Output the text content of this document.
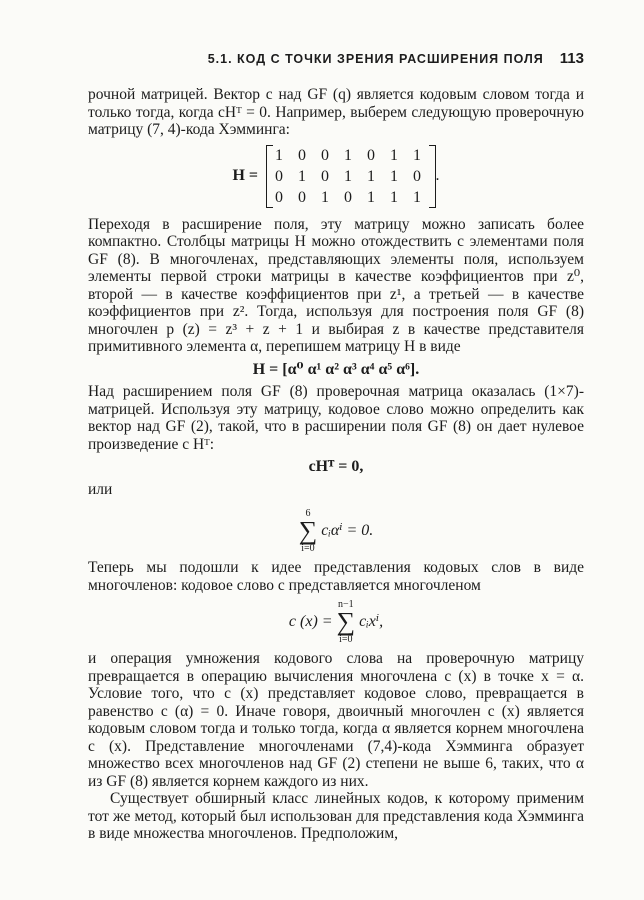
5.1. КОД С ТОЧКИ ЗРЕНИЯ РАСШИРЕНИЯ ПОЛЯ 113

рочной матрицей. Вектор c над GF (q) является кодовым словом тогда и только тогда, когда cHᵀ = 0. Например, выберем следующую проверочную матрицу (7, 4)-кода Хэмминга:

H =
1 0 0 1 0 1 1
0 1 0 1 1 1 0
0 0 1 0 1 1 1
.

Переходя в расширение поля, эту матрицу можно записать более компактно. Столбцы матрицы H можно отождествить с элементами поля GF (8). В многочленах, представляющих элементы поля, используем элементы первой строки матрицы в качестве коэффициентов при z⁰, второй — в качестве коэффициентов при z¹, а третьей — в качестве коэффициентов при z². Тогда, используя для построения поля GF (8) многочлен p (z) = z³ + z + 1 и выбирая z в качестве представителя примитивного элемента α, перепишем матрицу H в виде

H = [α⁰ α¹ α² α³ α⁴ α⁵ α⁶].

Над расширением поля GF (8) проверочная матрица оказалась (1×7)-матрицей. Используя эту матрицу, кодовое слово можно определить как вектор над GF (2), такой, что в расширении поля GF (8) он дает нулевое произведение с Hᵀ:

cHᵀ = 0,

или

6
∑
i=0
cᵢαⁱ = 0.

Теперь мы подошли к идее представления кодовых слов в виде многочленов: кодовое слово c представляется многочленом

c (x) =
n−1
∑
i=0
cᵢxⁱ,

и операция умножения кодового слова на проверочную матрицу превращается в операцию вычисления многочлена c (x) в точке x = α. Условие того, что c (x) представляет кодовое слово, превращается в равенство c (α) = 0. Иначе говоря, двоичный многочлен c (x) является кодовым словом тогда и только тогда, когда α является корнем многочлена c (x). Представление многочленами (7,4)-кода Хэмминга образует множество всех многочленов над GF (2) степени не выше 6, таких, что α из GF (8) является корнем каждого из них.

Существует обширный класс линейных кодов, к которому применим тот же метод, который был использован для представления кода Хэмминга в виде множества многочленов. Предположим,
